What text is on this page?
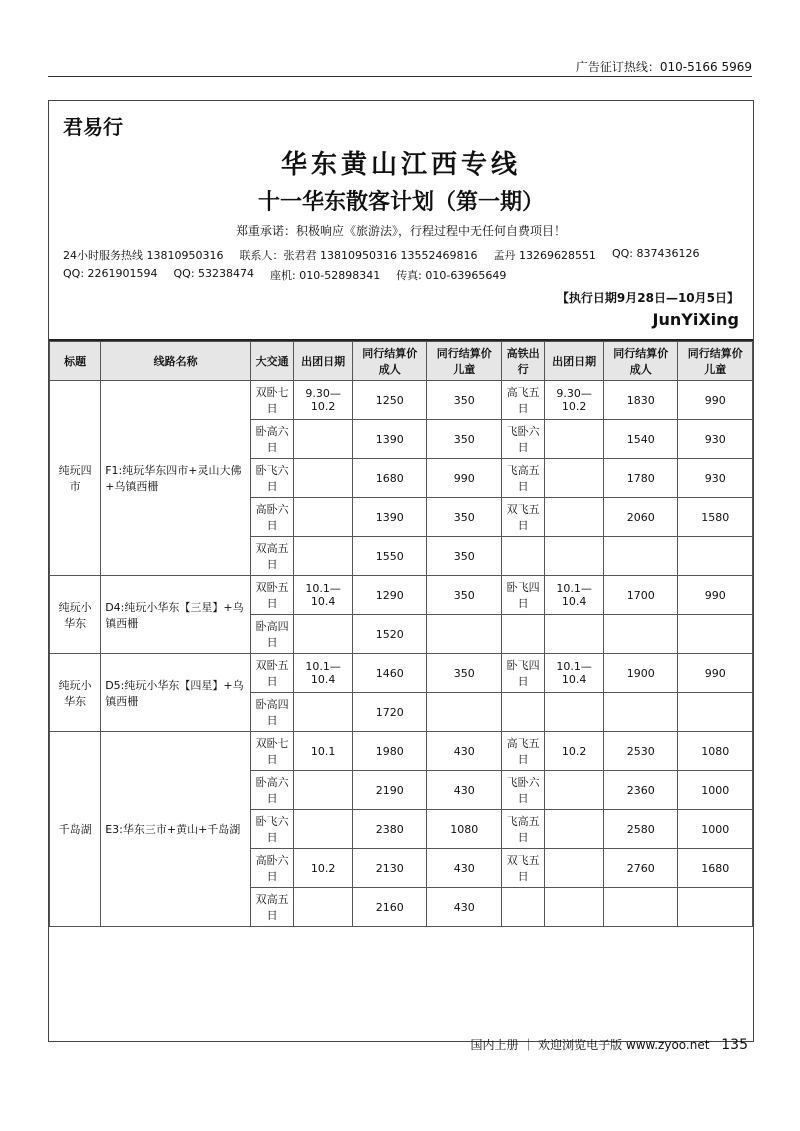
广告征订热线：010-5166 5969
君易行
华东黄山江西专线
十一华东散客计划（第一期）
郑重承诺：积极响应《旅游法》，行程过程中无任何自费项目！
24小时服务热线 13810950316 联系人：张君君 13810950316 13552469816 孟丹 13269628551 QQ: 837436126
QQ: 2261901594 QQ: 53238474 座机: 010-52898341 传真: 010-63965649
【执行日期9月28日—10月5日】
JunYiXing
标题	线路名称	大交通	出团日期	同行结算价 成人	同行结算价 儿童	高铁出行	出团日期	同行结算价 成人	同行结算价 儿童
纯玩四市	F1:纯玩华东四市+灵山大佛+乌镇西栅	双卧七日	9.30—10.2	1250	350	高飞五日	9.30—10.2	1830	990
		卧高六日		1390	350	飞卧六日		1540	930
		卧飞六日		1680	990	飞高五日		1780	930
		高卧六日		1390	350	双飞五日		2060	1580
		双高五日		1550	350				
纯玩小华东	D4:纯玩小华东【三星】+乌镇西栅	双卧五日	10.1—10.4	1290	350	卧飞四日	10.1—10.4	1700	990
		卧高四日		1520					
纯玩小华东	D5:纯玩小华东【四星】+乌镇西栅	双卧五日	10.1—10.4	1460	350	卧飞四日	10.1—10.4	1900	990
		卧高四日		1720					
千岛湖	E3:华东三市+黄山+千岛湖	双卧七日	10.1	1980	430	高飞五日	10.2	2530	1080
		卧高六日		2190	430	飞卧六日		2360	1000
		卧飞六日		2380	1080	飞高五日		2580	1000
		高卧六日	10.2	2130	430	双飞五日		2760	1680
		双高五日		2160	430				
国内上册 ｜ 欢迎浏览电子版 www.zyoo.net 135
